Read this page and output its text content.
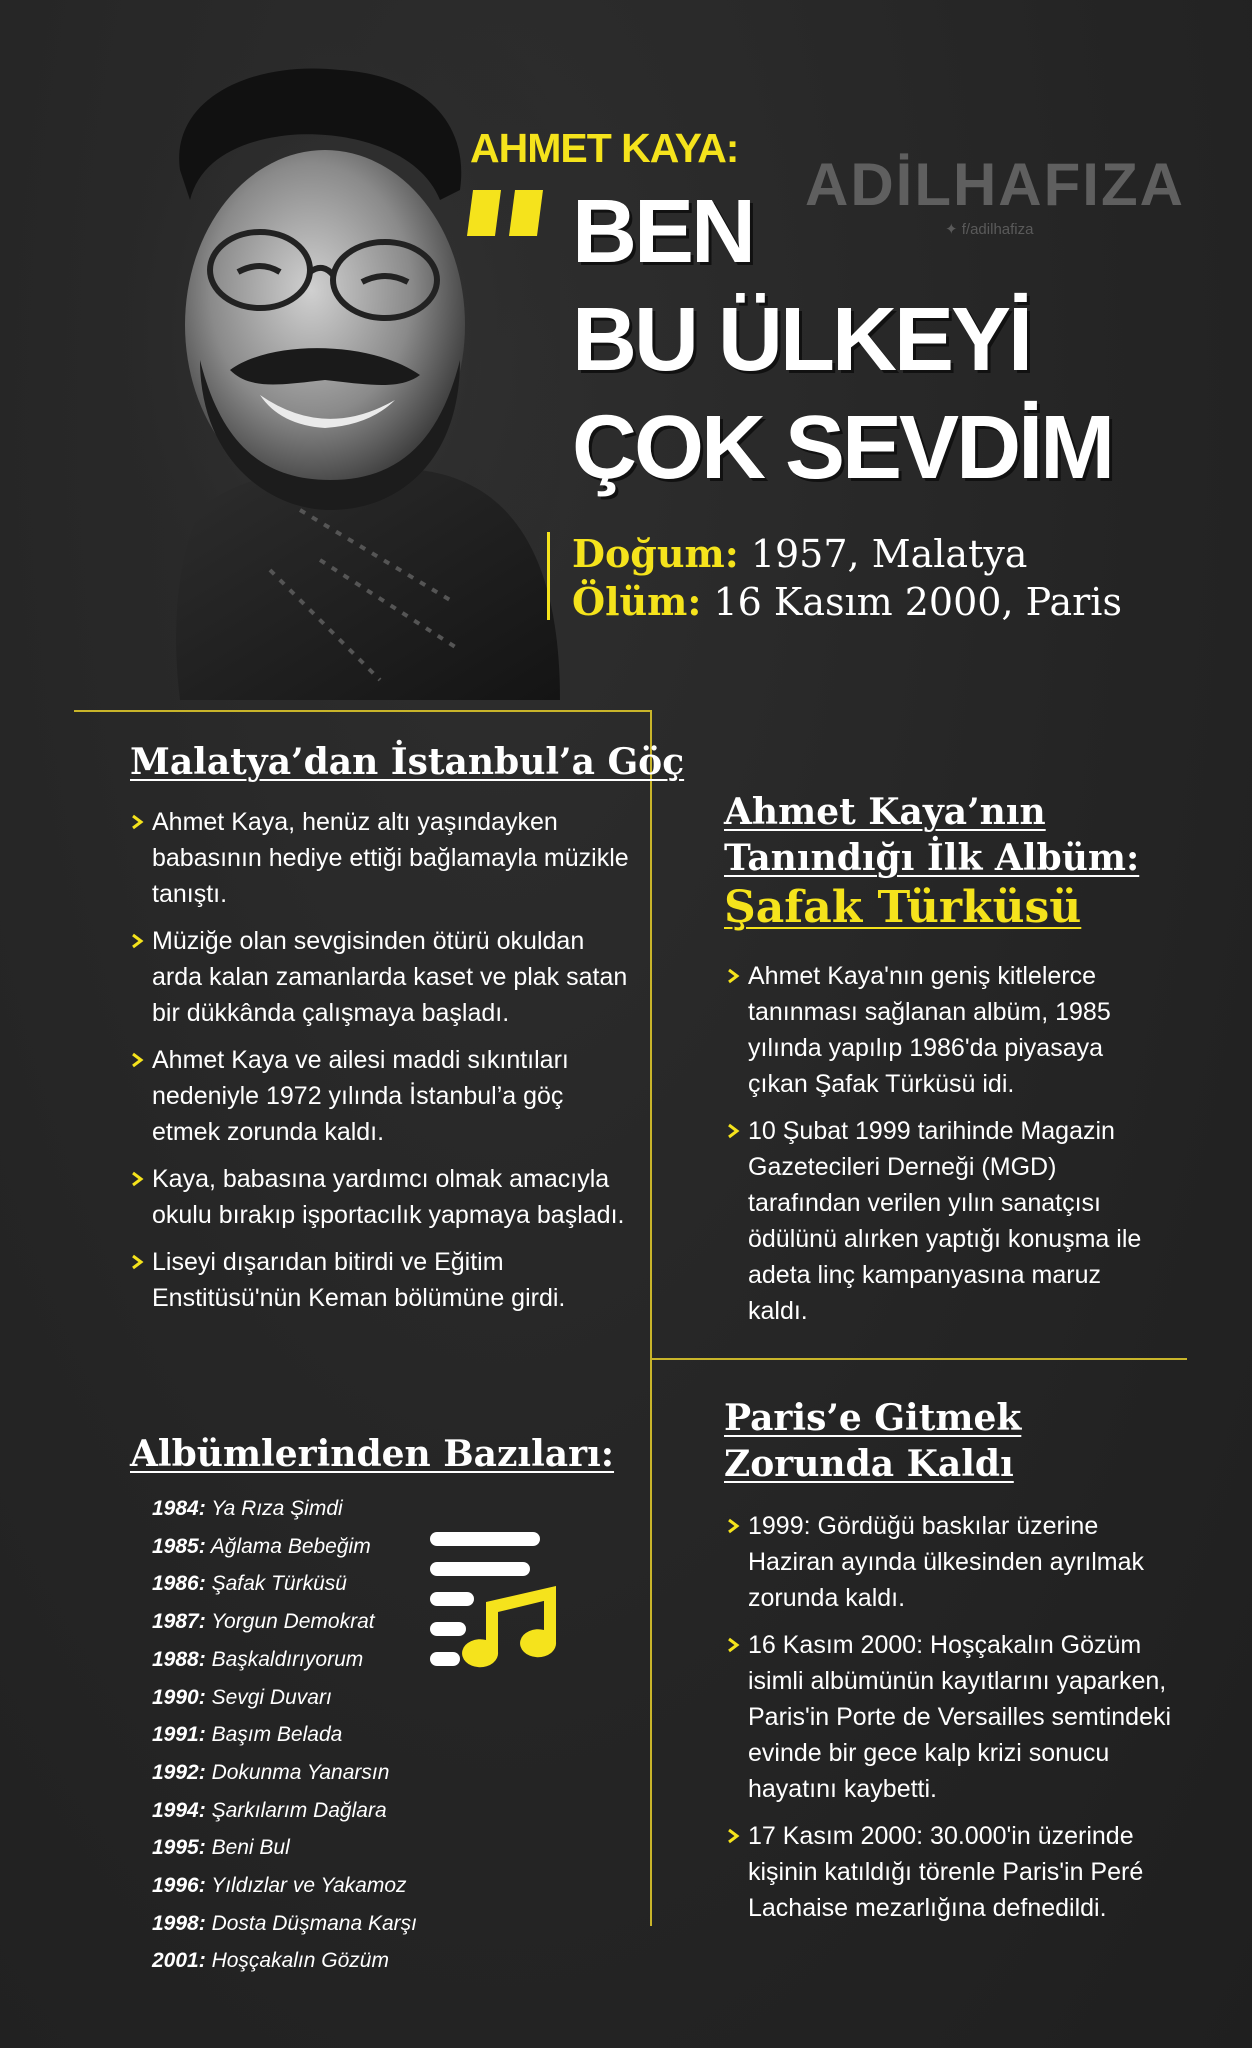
AHMET KAYA:
BEN
BU ÜLKEYİ
ÇOK SEVDİM
ADİLHAFIZA
✦ f/adilhafiza
Doğum: 1957, Malatya
Ölüm: 16 Kasım 2000, Paris
Malatya’dan İstanbul’a Göç
Ahmet Kaya, henüz altı yaşındayken babasının hediye ettiği bağlamayla müzikle tanıştı.
Müziğe olan sevgisinden ötürü okuldan arda kalan zamanlarda kaset ve plak satan bir dükkânda çalışmaya başladı.
Ahmet Kaya ve ailesi maddi sıkıntıları nedeniyle 1972 yılında İstanbul’a göç etmek zorunda kaldı.
Kaya, babasına yardımcı olmak amacıyla okulu bırakıp işportacılık yapmaya başladı.
Liseyi dışarıdan bitirdi ve Eğitim Enstitüsü'nün Keman bölümüne girdi.
Albümlerinden Bazıları:
1984: Ya Rıza Şimdi
1985: Ağlama Bebeğim
1986: Şafak Türküsü
1987: Yorgun Demokrat
1988: Başkaldırıyorum
1990: Sevgi Duvarı
1991: Başım Belada
1992: Dokunma Yanarsın
1994: Şarkılarım Dağlara
1995: Beni Bul
1996: Yıldızlar ve Yakamoz
1998: Dosta Düşmana Karşı
2001: Hoşçakalın Gözüm
Ahmet Kaya’nın
Tanındığı İlk Albüm:
Şafak Türküsü
Ahmet Kaya'nın geniş kitlelerce tanınması sağlanan albüm, 1985 yılında yapılıp 1986'da piyasaya çıkan Şafak Türküsü idi.
10 Şubat 1999 tarihinde Magazin Gazetecileri Derneği (MGD) tarafından verilen yılın sanatçısı ödülünü alırken yaptığı konuşma ile adeta linç kampanyasına maruz kaldı.
Paris’e Gitmek
Zorunda Kaldı
1999: Gördüğü baskılar üzerine Haziran ayında ülkesinden ayrılmak zorunda kaldı.
16 Kasım 2000: Hoşçakalın Gözüm isimli albümünün kayıtlarını yaparken, Paris'in Porte de Versailles semtindeki evinde bir gece kalp krizi sonucu hayatını kaybetti.
17 Kasım 2000: 30.000'in üzerinde kişinin katıldığı törenle Paris'in Peré Lachaise mezarlığına defnedildi.
